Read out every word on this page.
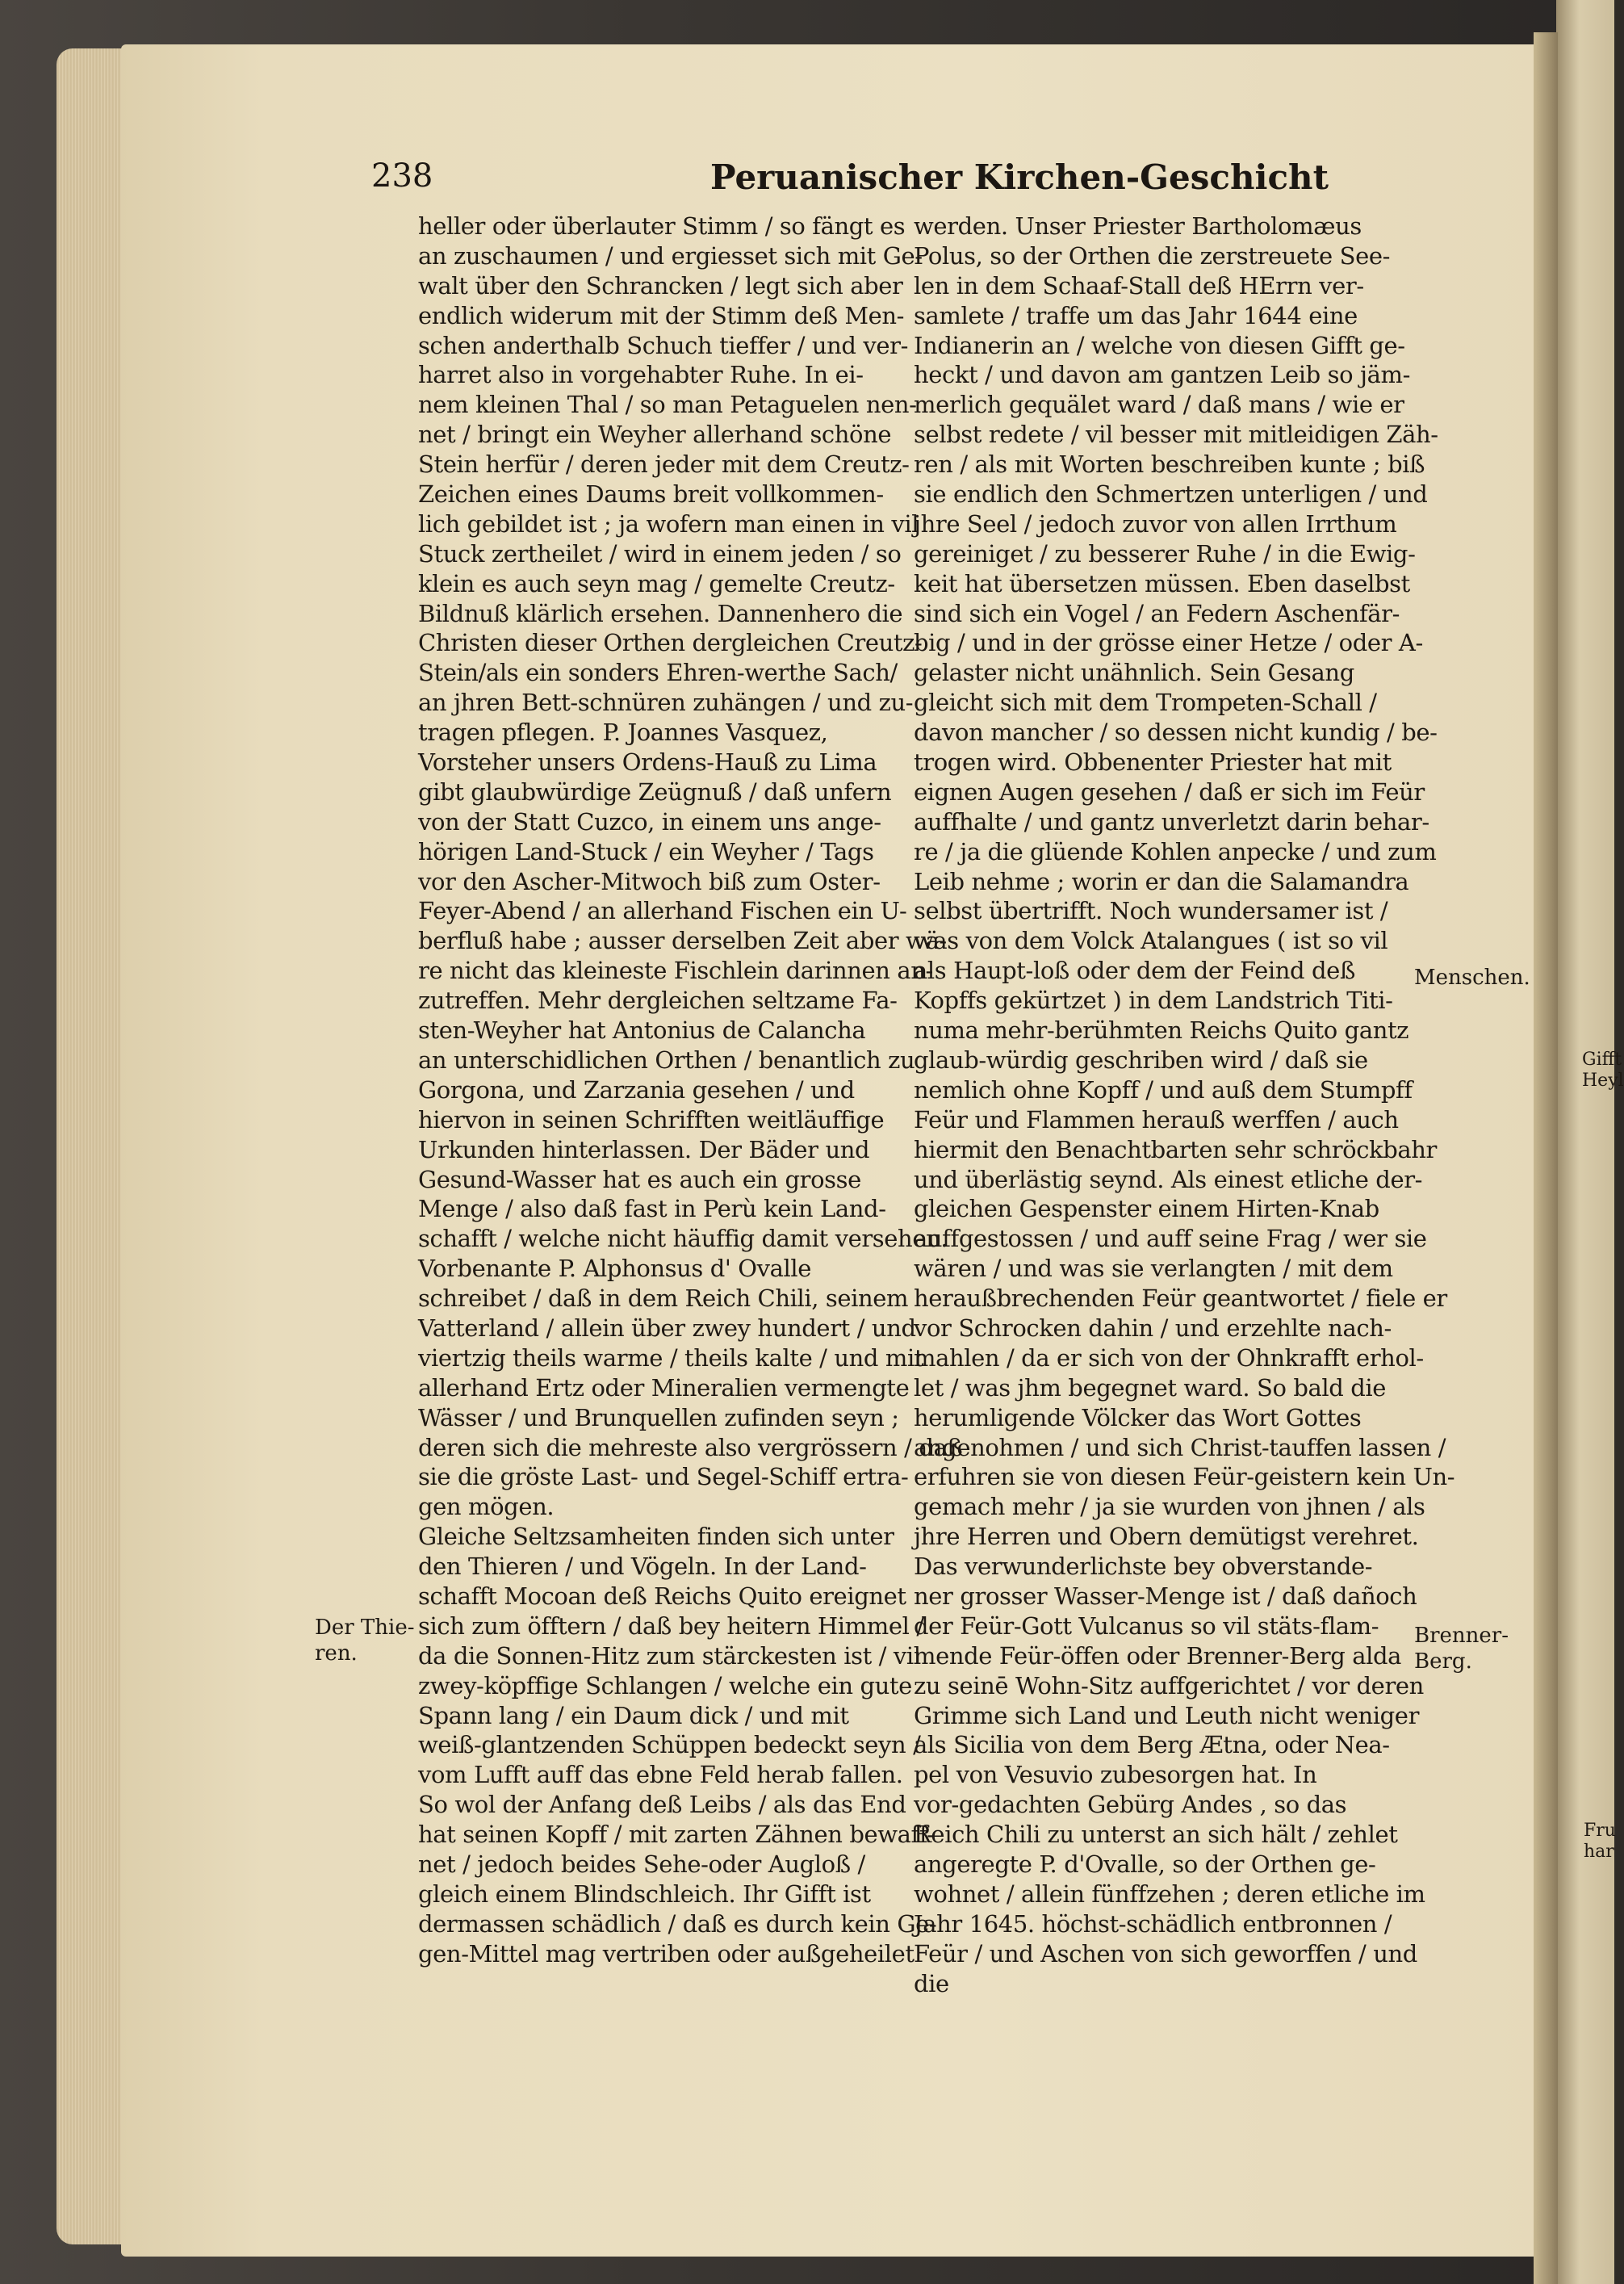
238	Peruanischer Kirchen-Geschicht
heller oder überlauter Stimm / so fängt es
an zuschaumen / und ergiesset sich mit Ge-
walt über den Schrancken / legt sich aber
endlich widerum mit der Stimm deß Men-
schen anderthalb Schuch tieffer / und ver-
harret also in vorgehabter Ruhe. In ei-
nem kleinen Thal / so man Petaguelen nen-
net / bringt ein Weyher allerhand schöne
Stein herfür / deren jeder mit dem Creutz-
Zeichen eines Daums breit vollkommen-
lich gebildet ist ; ja wofern man einen in vil
Stuck zertheilet / wird in einem jeden / so
klein es auch seyn mag / gemelte Creutz-
Bildnuß klärlich ersehen. Dannenhero die
Christen dieser Orthen dergleichen Creutz-
Stein/als ein sonders Ehren-werthe Sach/
an jhren Bett-schnüren zuhängen / und zu-
tragen pflegen. P. Joannes Vasquez,
Vorsteher unsers Ordens-Hauß zu Lima
gibt glaubwürdige Zeügnuß / daß unfern
von der Statt Cuzco, in einem uns ange-
hörigen Land-Stuck / ein Weyher / Tags
vor den Ascher-Mitwoch biß zum Oster-
Feyer-Abend / an allerhand Fischen ein U-
berfluß habe ; ausser derselben Zeit aber wä-
re nicht das kleineste Fischlein darinnen an-
zutreffen. Mehr dergleichen seltzame Fa-
sten-Weyher hat Antonius de Calancha
an unterschidlichen Orthen / benantlich zu
Gorgona, und Zarzania gesehen / und
hiervon in seinen Schrifften weitläuffige
Urkunden hinterlassen. Der Bäder und
Gesund-Wasser hat es auch ein grosse
Menge / also daß fast in Perù kein Land-
schafft / welche nicht häuffig damit versehen.
Vorbenante P. Alphonsus d' Ovalle
schreibet / daß in dem Reich Chili, seinem
Vatterland / allein über zwey hundert / und
viertzig theils warme / theils kalte / und mit
allerhand Ertz oder Mineralien vermengte
Wässer / und Brunquellen zufinden seyn ;
deren sich die mehreste also vergrössern / daß
sie die gröste Last- und Segel-Schiff ertra-
gen mögen.
Gleiche Seltzsamheiten finden sich unter
den Thieren / und Vögeln. In der Land-
schafft Mocoan deß Reichs Quito ereignet
sich zum öfftern / daß bey heitern Himmel /
da die Sonnen-Hitz zum stärckesten ist / vil
zwey-köpffige Schlangen / welche ein gute
Spann lang / ein Daum dick / und mit
weiß-glantzenden Schüppen bedeckt seyn /
vom Lufft auff das ebne Feld herab fallen.
So wol der Anfang deß Leibs / als das End
hat seinen Kopff / mit zarten Zähnen bewaff-
net / jedoch beides Sehe-oder Augloß /
gleich einem Blindschleich. Ihr Gifft ist
dermassen schädlich / daß es durch kein Ge-
gen-Mittel mag vertriben oder außgeheilet
werden. Unser Priester Bartholomæus
Polus, so der Orthen die zerstreuete See-
len in dem Schaaf-Stall deß HErrn ver-
samlete / traffe um das Jahr 1644 eine
Indianerin an / welche von diesen Gifft ge-
heckt / und davon am gantzen Leib so jäm-
merlich gequälet ward / daß mans / wie er
selbst redete / vil besser mit mitleidigen Zäh-
ren / als mit Worten beschreiben kunte ; biß
sie endlich den Schmertzen unterligen / und
jhre Seel / jedoch zuvor von allen Irrthum
gereiniget / zu besserer Ruhe / in die Ewig-
keit hat übersetzen müssen. Eben daselbst
sind sich ein Vogel / an Federn Aschenfär-
big / und in der grösse einer Hetze / oder A-
gelaster nicht unähnlich. Sein Gesang
gleicht sich mit dem Trompeten-Schall /
davon mancher / so dessen nicht kundig / be-
trogen wird. Obbenenter Priester hat mit
eignen Augen gesehen / daß er sich im Feür
auffhalte / und gantz unverletzt darin behar-
re / ja die glüende Kohlen anpecke / und zum
Leib nehme ; worin er dan die Salamandra
selbst übertrifft. Noch wundersamer ist /
was von dem Volck Atalangues ( ist so vil
als Haupt-loß oder dem der Feind deß
Kopffs gekürtzet ) in dem Landstrich Titi-
numa mehr-berühmten Reichs Quito gantz
glaub-würdig geschriben wird / daß sie
nemlich ohne Kopff / und auß dem Stumpff
Feür und Flammen herauß werffen / auch
hiermit den Benachtbarten sehr schröckbahr
und überlästig seynd. Als einest etliche der-
gleichen Gespenster einem Hirten-Knab
auffgestossen / und auff seine Frag / wer sie
wären / und was sie verlangten / mit dem
heraußbrechenden Feür geantwortet / fiele er
vor Schrocken dahin / und erzehlte nach-
mahlen / da er sich von der Ohnkrafft erhol-
let / was jhm begegnet ward. So bald die
herumligende Völcker das Wort Gottes
angenohmen / und sich Christ-tauffen lassen /
erfuhren sie von diesen Feür-geistern kein Un-
gemach mehr / ja sie wurden von jhnen / als
jhre Herren und Obern demütigst verehret.
Das verwunderlichste bey obverstande-
ner grosser Wasser-Menge ist / daß dañoch
der Feür-Gott Vulcanus so vil stäts-flam-
mende Feür-öffen oder Brenner-Berg alda
zu seinē Wohn-Sitz auffgerichtet / vor deren
Grimme sich Land und Leuth nicht weniger
als Sicilia von dem Berg Ætna, oder Nea-
pel von Vesuvio zubesorgen hat. In
vor-gedachten Gebürg Andes , so das
Reich Chili zu unterst an sich hält / zehlet
angeregte P. d'Ovalle, so der Orthen ge-
wohnet / allein fünffzehen ; deren etliche im
Jahr 1645. höchst-schädlich entbronnen /
Feür / und Aschen von sich geworffen / und
die
Menschen.
Der Thie-
ren.
Brenner-
Berg.
Gifft
Heyl
Fru
har
